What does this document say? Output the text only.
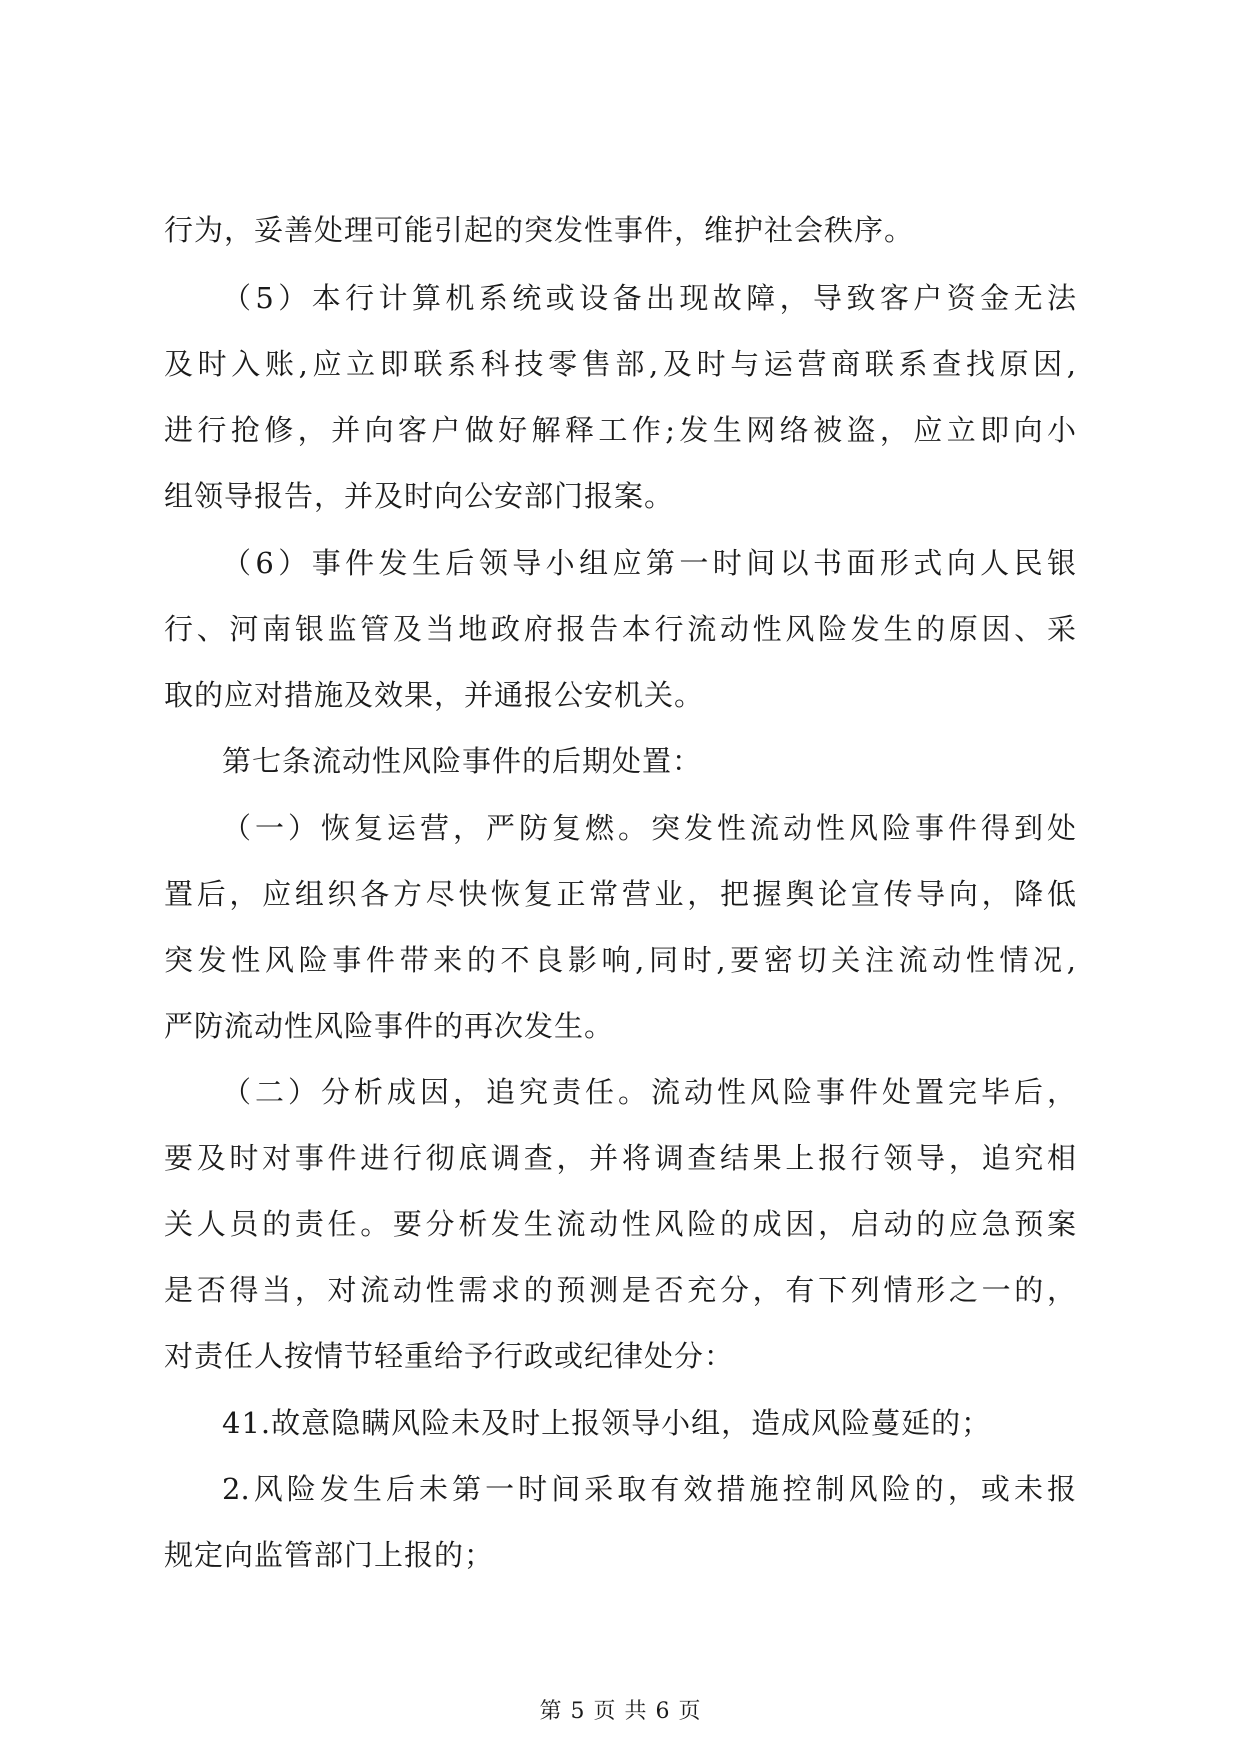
行为，妥善处理可能引起的突发性事件，维护社会秩序。
（5）本行计算机系统或设备出现故障，导致客户资金无法
及时入账,应立即联系科技零售部,及时与运营商联系查找原因,
进行抢修，并向客户做好解释工作;发生网络被盗，应立即向小
组领导报告，并及时向公安部门报案。
（6）事件发生后领导小组应第一时间以书面形式向人民银
行、河南银监管及当地政府报告本行流动性风险发生的原因、采
取的应对措施及效果，并通报公安机关。
第七条流动性风险事件的后期处置：
（一）恢复运营，严防复燃。突发性流动性风险事件得到处
置后，应组织各方尽快恢复正常营业，把握舆论宣传导向，降低
突发性风险事件带来的不良影响,同时,要密切关注流动性情况,
严防流动性风险事件的再次发生。
（二）分析成因，追究责任。流动性风险事件处置完毕后，
要及时对事件进行彻底调查，并将调查结果上报行领导，追究相
关人员的责任。要分析发生流动性风险的成因，启动的应急预案
是否得当，对流动性需求的预测是否充分，有下列情形之一的，
对责任人按情节轻重给予行政或纪律处分：
41.故意隐瞒风险未及时上报领导小组，造成风险蔓延的；
2.风险发生后未第一时间采取有效措施控制风险的，或未报
规定向监管部门上报的；
第 5 页 共 6 页
